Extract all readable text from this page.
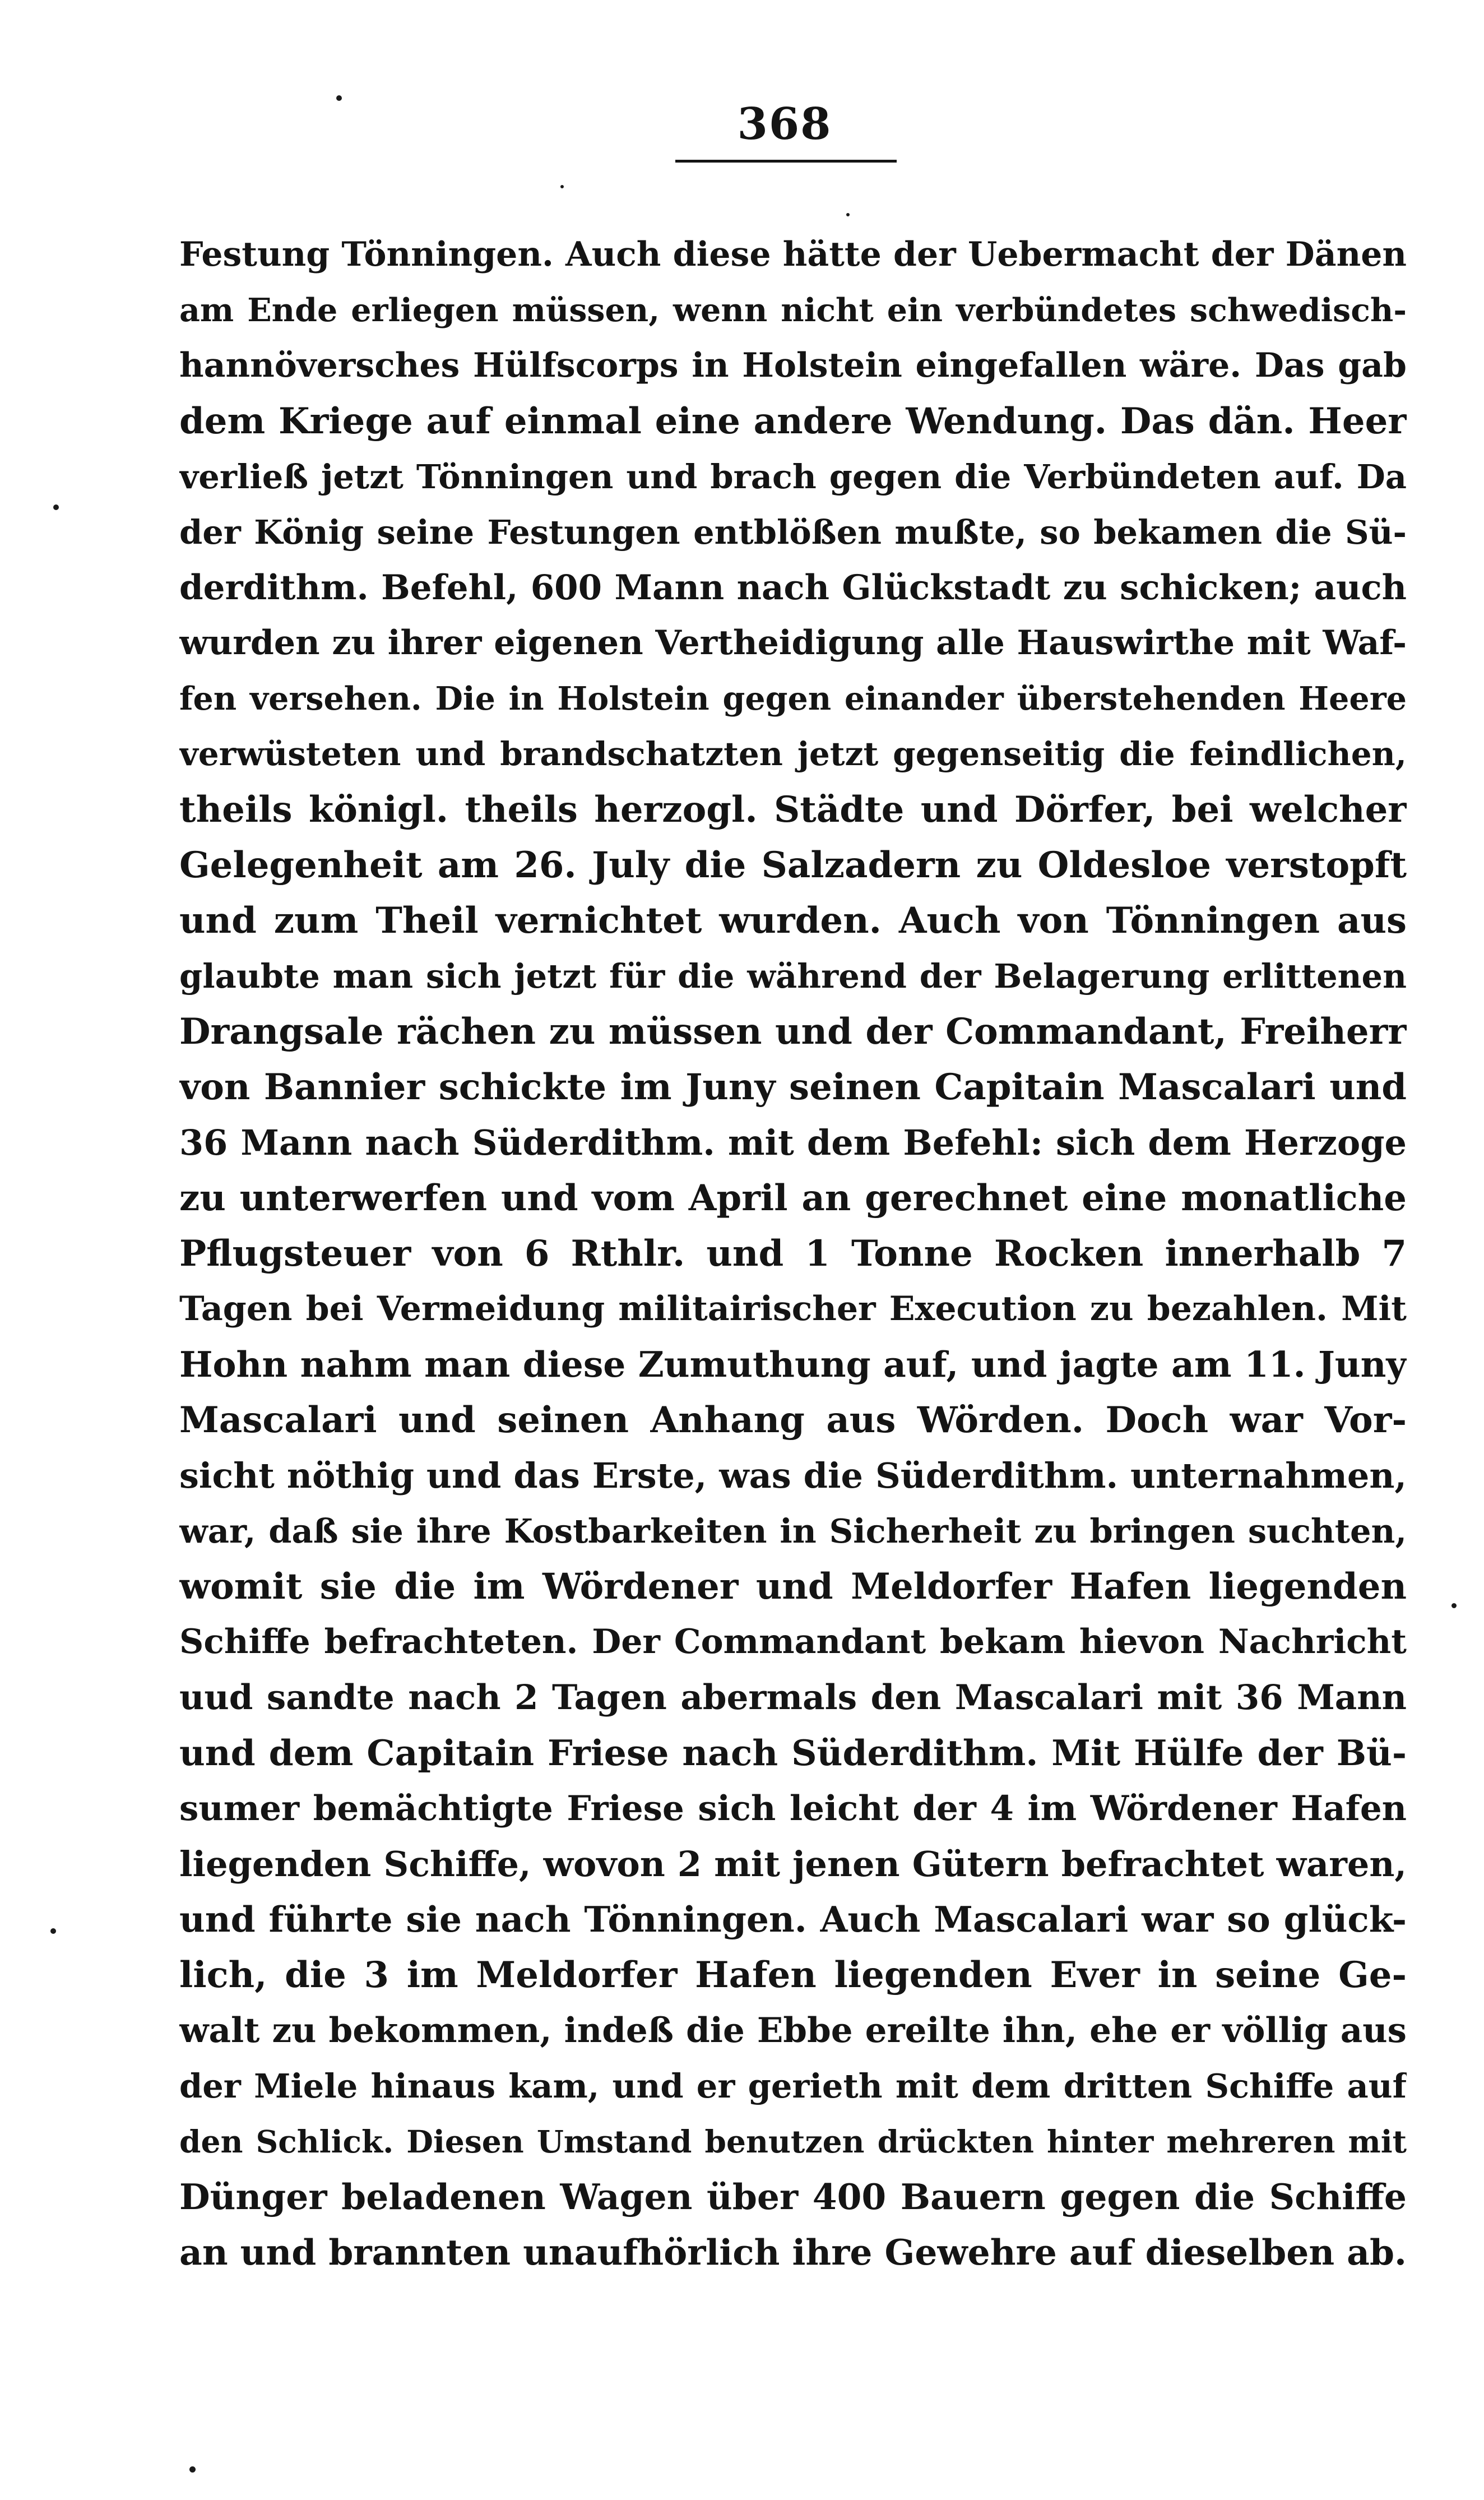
368
Festung Tönningen. Auch diese hätte der Uebermacht der Dänen
am Ende erliegen müssen, wenn nicht ein verbündetes schwedisch-
hannöversches Hülfscorps in Holstein eingefallen wäre. Das gab
dem Kriege auf einmal eine andere Wendung. Das dän. Heer
verließ jetzt Tönningen und brach gegen die Verbündeten auf. Da
der König seine Festungen entblößen mußte, so bekamen die Sü-
derdithm. Befehl, 600 Mann nach Glückstadt zu schicken; auch
wurden zu ihrer eigenen Vertheidigung alle Hauswirthe mit Waf-
fen versehen. Die in Holstein gegen einander überstehenden Heere
verwüsteten und brandschatzten jetzt gegenseitig die feindlichen,
theils königl. theils herzogl. Städte und Dörfer, bei welcher
Gelegenheit am 26. July die Salzadern zu Oldesloe verstopft
und zum Theil vernichtet wurden. Auch von Tönningen aus
glaubte man sich jetzt für die während der Belagerung erlittenen
Drangsale rächen zu müssen und der Commandant, Freiherr
von Bannier schickte im Juny seinen Capitain Mascalari und
36 Mann nach Süderdithm. mit dem Befehl: sich dem Herzoge
zu unterwerfen und vom April an gerechnet eine monatliche
Pflugsteuer von 6 Rthlr. und 1 Tonne Rocken innerhalb 7
Tagen bei Vermeidung militairischer Execution zu bezahlen. Mit
Hohn nahm man diese Zumuthung auf, und jagte am 11. Juny
Mascalari und seinen Anhang aus Wörden. Doch war Vor-
sicht nöthig und das Erste, was die Süderdithm. unternahmen,
war, daß sie ihre Kostbarkeiten in Sicherheit zu bringen suchten,
womit sie die im Wördener und Meldorfer Hafen liegenden
Schiffe befrachteten. Der Commandant bekam hievon Nachricht
uud sandte nach 2 Tagen abermals den Mascalari mit 36 Mann
und dem Capitain Friese nach Süderdithm. Mit Hülfe der Bü-
sumer bemächtigte Friese sich leicht der 4 im Wördener Hafen
liegenden Schiffe, wovon 2 mit jenen Gütern befrachtet waren,
und führte sie nach Tönningen. Auch Mascalari war so glück-
lich, die 3 im Meldorfer Hafen liegenden Ever in seine Ge-
walt zu bekommen, indeß die Ebbe ereilte ihn, ehe er völlig aus
der Miele hinaus kam, und er gerieth mit dem dritten Schiffe auf
den Schlick. Diesen Umstand benutzen drückten hinter mehreren mit
Dünger beladenen Wagen über 400 Bauern gegen die Schiffe
an und brannten unaufhörlich ihre Gewehre auf dieselben ab.
